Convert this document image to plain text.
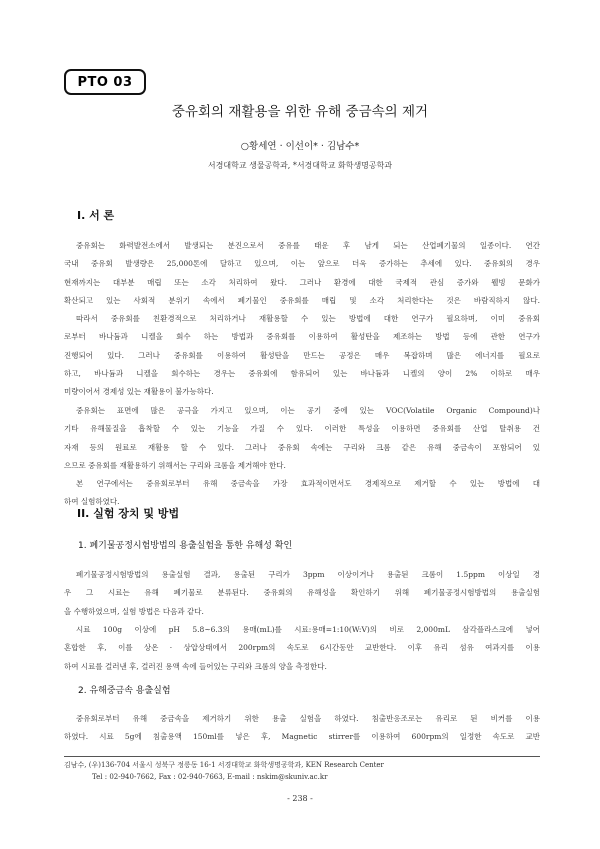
PTO 03
중유회의 재활용을 위한 유해 중금속의 제거
○황세연 · 이선이* · 김남수*
서경대학교 생물공학과, *서경대학교 화학생명공학과
I. 서 론
중유회는 화력발전소에서 발생되는 분진으로서 중유를 태운 후 남게 되는 산업폐기물의 일종이다. 연간
국내 중유회 발생량은 25,000톤에 달하고 있으며, 이는 앞으로 더욱 증가하는 추세에 있다. 중유회의 경우
현재까지는 대부분 매립 또는 소각 처리하여 왔다. 그러나 환경에 대한 국제적 관심 증가와 웰빙 문화가
확산되고 있는 사회적 분위기 속에서 폐기물인 중유회를 매립 및 소각 처리한다는 것은 바람직하지 않다.
따라서 중유회를 친환경적으로 처리하거나 재활용할 수 있는 방법에 대한 연구가 필요하며, 이미 중유회
로부터 바나듐과 니켈을 회수 하는 방법과 중유회를 이용하여 활성탄을 제조하는 방법 등에 관한 연구가
진행되어 있다. 그러나 중유회를 이용하여 활성탄을 만드는 공정은 매우 복잡하며 많은 에너지를 필요로
하고, 바나듐과 니켈을 회수하는 경우는 중유회에 함유되어 있는 바나듐과 니켈의 양이 2% 이하로 매우
미량이어서 경제성 있는 재활용이 불가능하다.
중유회는 표면에 많은 공극을 가지고 있으며, 이는 공기 중에 있는 VOC(Volatile Organic Compound)나
기타 유해물질을 흡착할 수 있는 기능을 가질 수 있다. 이러한 특성을 이용하면 중유회를 산업 탈취용 건
자재 등의 원료로 재활용 할 수 있다. 그러나 중유회 속에는 구리와 크롬 같은 유해 중금속이 포함되어 있
으므로 중유회를 재활용하기 위해서는 구리와 크롬을 제거해야 한다.
본 연구에서는 중유회로부터 유해 중금속을 가장 효과적이면서도 경제적으로 제거할 수 있는 방법에 대
하여 실험하였다.
II. 실험 장치 및 방법
1. 폐기물공정시험방법의 용출실험을 통한 유해성 확인
폐기물공정시험방법의 용출실험 결과, 용출된 구리가 3ppm 이상이거나 용출된 크롬이 1.5ppm 이상일 경
우 그 시료는 유해 폐기물로 분류된다. 중유회의 유해성을 확인하기 위해 폐기물공정시험방법의 용출실험
을 수행하였으며, 실험 방법은 다음과 같다.
시료 100g 이상에 pH 5.8~6.3의 용매(mL)를 시료:용매=1:10(W:V)의 비로 2,000mL 삼각플라스크에 넣어
혼합한 후, 이를 상온 · 상압상태에서 200rpm의 속도로 6시간동안 교반한다. 이후 유리 섬유 여과지를 이용
하여 시료를 걸러낸 후, 걸러진 용액 속에 들어있는 구리와 크롬의 양을 측정한다.
2. 유해중금속 용출실험
중유회로부터 유해 중금속을 제거하기 위한 용출 실험을 하였다. 침출반응조로는 유리로 된 비커를 이용
하였다. 시료 5g에 침출용액 150ml를 넣은 후, Magnetic stirrer를 이용하여 600rpm의 일정한 속도로 교반
김남수, (우)136-704 서울시 성북구 정릉동 16-1 서경대학교 화학생명공학과, KEN Research Center
Tel : 02-940-7662, Fax : 02-940-7663, E-mail : nskim@skuniv.ac.kr
- 238 -
